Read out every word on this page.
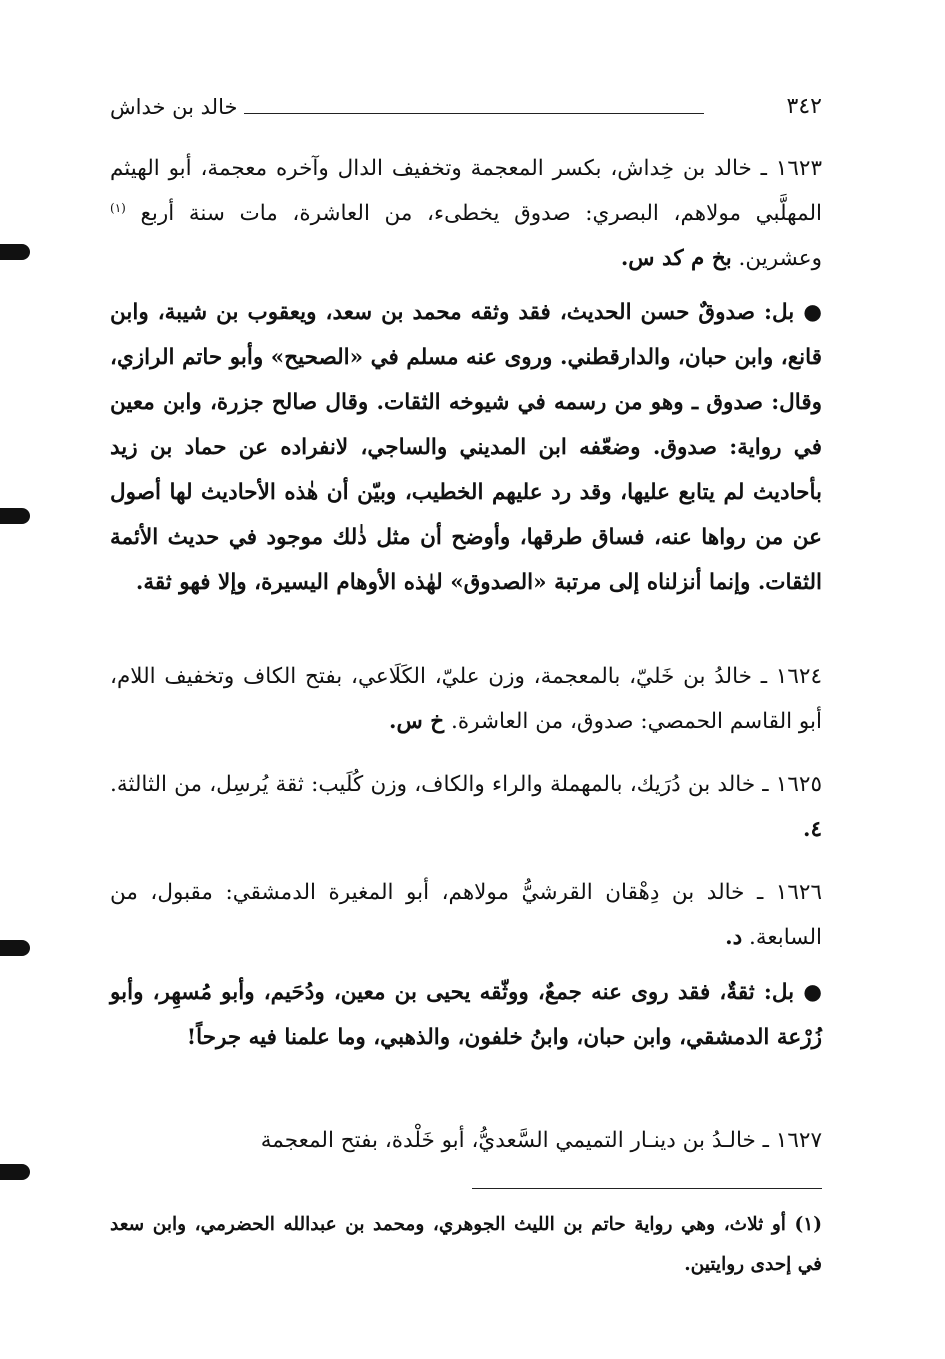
٣٤٢
خالد بن خداش

١٦٢٣ ـ خالد بن خِداش، بكسر المعجمة وتخفيف الدال وآخره معجمة، أبو الهيثم المهلَّبي مولاهم، البصري: صدوق يخطىء، من العاشرة، مات سنة أربع $^{(١)}$ وعشرين. بخ م كد س.

● بل: صدوقٌ حسن الحديث، فقد وثقه محمد بن سعد، ويعقوب بن شيبة، وابن قانع، وابن حبان، والدارقطني. وروى عنه مسلم في «الصحيح» وأبو حاتم الرازي، وقال: صدوق ـ وهو من رسمه في شيوخه الثقات. وقال صالح جزرة، وابن معين في رواية: صدوق. وضعّفه ابن المديني والساجي، لانفراده عن حماد بن زيد بأحاديث لم يتابع عليها، وقد رد عليهم الخطيب، وبيّن أن هٰذه الأحاديث لها أصول عن من رواها عنه، فساق طرقها، وأوضح أن مثل ذٰلك موجود في حديث الأئمة الثقات. وإنما أنزلناه إلى مرتبة «الصدوق» لهٰذه الأوهام اليسيرة، وإلا فهو ثقة.

١٦٢٤ ـ خالدُ بن خَليّ، بالمعجمة، وزن عليّ، الكَلَاعي، بفتح الكاف وتخفيف اللام، أبو القاسم الحمصي: صدوق، من العاشرة. خ س.

١٦٢٥ ـ خالد بن دُرَيك، بالمهملة والراء والكاف، وزن كُلَيب: ثقة يُرسِل، من الثالثة. ٤.

١٦٢٦ ـ خالد بن دِهْقان القرشيُّ مولاهم، أبو المغيرة الدمشقي: مقبول، من السابعة. د.

● بل: ثقةٌ، فقد روى عنه جمعٌ، ووثّقه يحيى بن معين، ودُحَيم، وأبو مُسهِر، وأبو زُرْعة الدمشقي، وابن حبان، وابنُ خلفون، والذهبي، وما علمنا فيه جرحاً!

١٦٢٧ ـ خالـدُ بن دينـار التميمي السَّعديُّ، أبو خَلْدة، بفتح المعجمة

(١) أو ثلاث، وهي رواية حاتم بن الليث الجوهري، ومحمد بن عبدالله الحضرمي، وابن سعد في إحدى روايتين.
